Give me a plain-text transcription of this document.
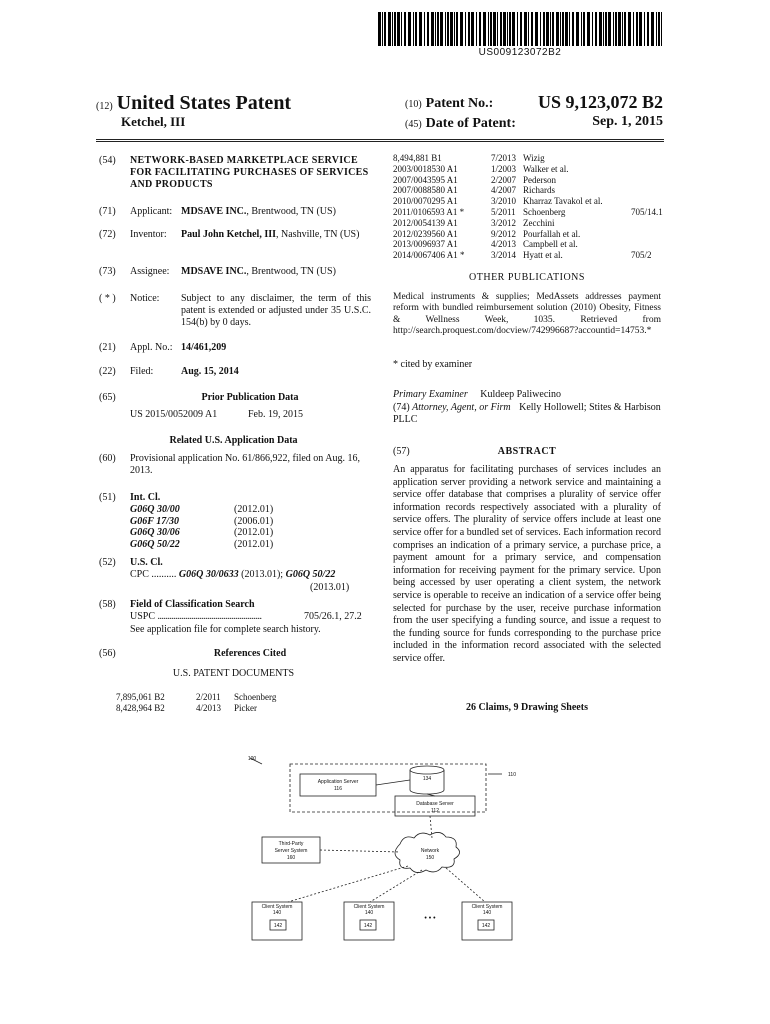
US009123072B2
(12) United States Patent
Ketchel, III
(10) Patent No.: US 9,123,072 B2
(45) Date of Patent:	Sep. 1, 2015
(54) NETWORK-BASED MARKETPLACE SERVICE FOR FACILITATING PURCHASES OF SERVICES AND PRODUCTS
(71) Applicant: MDSAVE INC., Brentwood, TN (US)
(72) Inventor: Paul John Ketchel, III, Nashville, TN (US)
(73) Assignee: MDSAVE INC., Brentwood, TN (US)
( * ) Notice: Subject to any disclaimer, the term of this patent is extended or adjusted under 35 U.S.C. 154(b) by 0 days.
(21) Appl. No.: 14/461,209
(22) Filed:	Aug. 15, 2014
(65)	Prior Publication Data
US 2015/0052009 A1	Feb. 19, 2015
Related U.S. Application Data
(60) Provisional application No. 61/866,922, filed on Aug. 16, 2013.
(51) Int. Cl.
G06Q 30/00	(2012.01)
G06F 17/30	(2006.01)
G06Q 30/06	(2012.01)
G06Q 50/22	(2012.01)
(52) U.S. Cl.
CPC .......... G06Q 30/0633 (2013.01); G06Q 50/22
(2013.01)
(58) Field of Classification Search
USPC ....................................................	705/26.1, 27.2
See application file for complete search history.
(56)	References Cited
U.S. PATENT DOCUMENTS
7,895,061 B2	2/2011 Schoenberg
8,428,964 B2	4/2013 Picker
8,494,881 B1	7/2013 Wizig
2003/0018530 A1	1/2003 Walker et al.
2007/0043595 A1	2/2007 Pederson
2007/0088580 A1	4/2007 Richards
2010/0070295 A1	3/2010 Kharraz Tavakol et al.
2011/0106593 A1 *	5/2011 Schoenberg	705/14.1
2012/0054139 A1	3/2012 Zecchini
2012/0239560 A1	9/2012 Pourfallah et al.
2013/0096937 A1	4/2013 Campbell et al.
2014/0067406 A1 *	3/2014 Hyatt et al.	705/2
OTHER PUBLICATIONS
Medical instruments & supplies; MedAssets addresses payment reform with bundled reimbursement solution (2010) Obesity, Fitness & Wellness Week, 1035. Retrieved from http://search.proquest.com/docview/742996687?accountid=14753.*
* cited by examiner
Primary Examiner Kuldeep Paliwecino
(74) Attorney, Agent, or Firm Kelly Hollowell; Stites & Harbison PLLC
(57)	ABSTRACT
An apparatus for facilitating purchases of services includes an application server providing a network service and maintaining a service offer database that comprises a plurality of service offer information records respectively associated with a plurality of service offers. The plurality of service offers include at least one service offer for a bundled set of services. Each information record comprises an indication of a primary service, a purchase price, a payment amount for a primary service, and compensation information for receiving payment for the primary service. Upon being accessed by user operating a client system, the network service is operable to receive an indication of a service offer being selected for purchase by the user, receive purchase information from the user specifying a funding source, and issue a request to the funding source for funds corresponding to the purchase price included in the information record associated with the selected service offer.
26 Claims, 9 Drawing Sheets
100
110
Application Server
116
134
Database Server
112
Third-Party
Server System
160
Network
150
Client System
140
142
Client System
140
142
Client System
140
142
• • •
